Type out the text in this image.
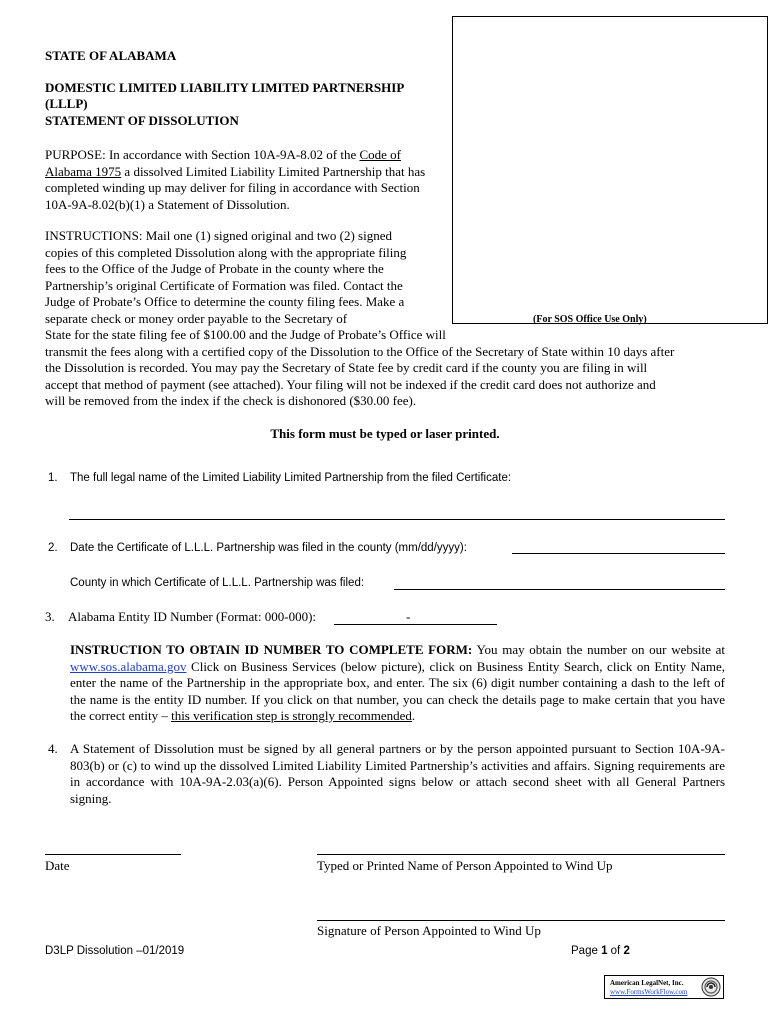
(For SOS Office Use Only)
STATE OF ALABAMA
DOMESTIC LIMITED LIABILITY LIMITED PARTNERSHIP
(LLLP)
STATEMENT OF DISSOLUTION
PURPOSE: In accordance with Section 10A-9A-8.02 of the Code of Alabama 1975 a dissolved Limited Liability Limited Partnership that has completed winding up may deliver for filing in accordance with Section 10A-9A-8.02(b)(1) a Statement of Dissolution.
INSTRUCTIONS: Mail one (1) signed original and two (2) signed
copies of this completed Dissolution along with the appropriate filing
fees to the Office of the Judge of Probate in the county where the
Partnership’s original Certificate of Formation was filed. Contact the
Judge of Probate’s Office to determine the county filing fees. Make a
separate check or money order payable to the Secretary of
State for the state filing fee of $100.00 and the Judge of Probate’s Office will
transmit the fees along with a certified copy of the Dissolution to the Office of the Secretary of State within 10 days after
the Dissolution is recorded. You may pay the Secretary of State fee by credit card if the county you are filing in will
accept that method of payment (see attached). Your filing will not be indexed if the credit card does not authorize and
will be removed from the index if the check is dishonored ($30.00 fee).
This form must be typed or laser printed.
1. The full legal name of the Limited Liability Limited Partnership from the filed Certificate:
2. Date the Certificate of L.L.L. Partnership was filed in the county (mm/dd/yyyy):
County in which Certificate of L.L.L. Partnership was filed:
3. Alabama Entity ID Number (Format: 000-000):	-
INSTRUCTION TO OBTAIN ID NUMBER TO COMPLETE FORM: You may obtain the number on our website at www.sos.alabama.gov Click on Business Services (below picture), click on Business Entity Search, click on Entity Name, enter the name of the Partnership in the appropriate box, and enter. The six (6) digit number containing a dash to the left of the name is the entity ID number. If you click on that number, you can check the details page to make certain that you have the correct entity – this verification step is strongly recommended.
4. A Statement of Dissolution must be signed by all general partners or by the person appointed pursuant to Section 10A-9A-803(b) or (c) to wind up the dissolved Limited Liability Limited Partnership’s activities and affairs. Signing requirements are in accordance with 10A-9A-2.03(a)(6). Person Appointed signs below or attach second sheet with all General Partners signing.
Date	Typed or Printed Name of Person Appointed to Wind Up
Signature of Person Appointed to Wind Up
D3LP Dissolution –01/2019	Page 1 of 2
American LegalNet, Inc.
www.FormsWorkFlow.com
